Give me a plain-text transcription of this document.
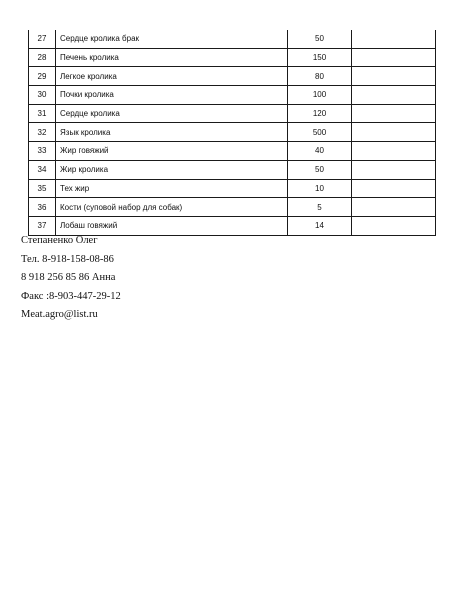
27	Сердце кролика брак	50	
28	Печень кролика	150	
29	Легкое кролика	80	
30	Почки кролика	100	
31	Сердце кролика	120	
32	Язык кролика	500	
33	Жир говяжий	40	
34	Жир кролика	50	
35	Тех жир	10	
36	Кости (суповой набор для собак)	5	
37	Лобаш говяжий	14	
Степаненко Олег
Тел. 8-918-158-08-86
8 918 256 85 86 Анна
Факс :8-903-447-29-12
Meat.agro@list.ru
